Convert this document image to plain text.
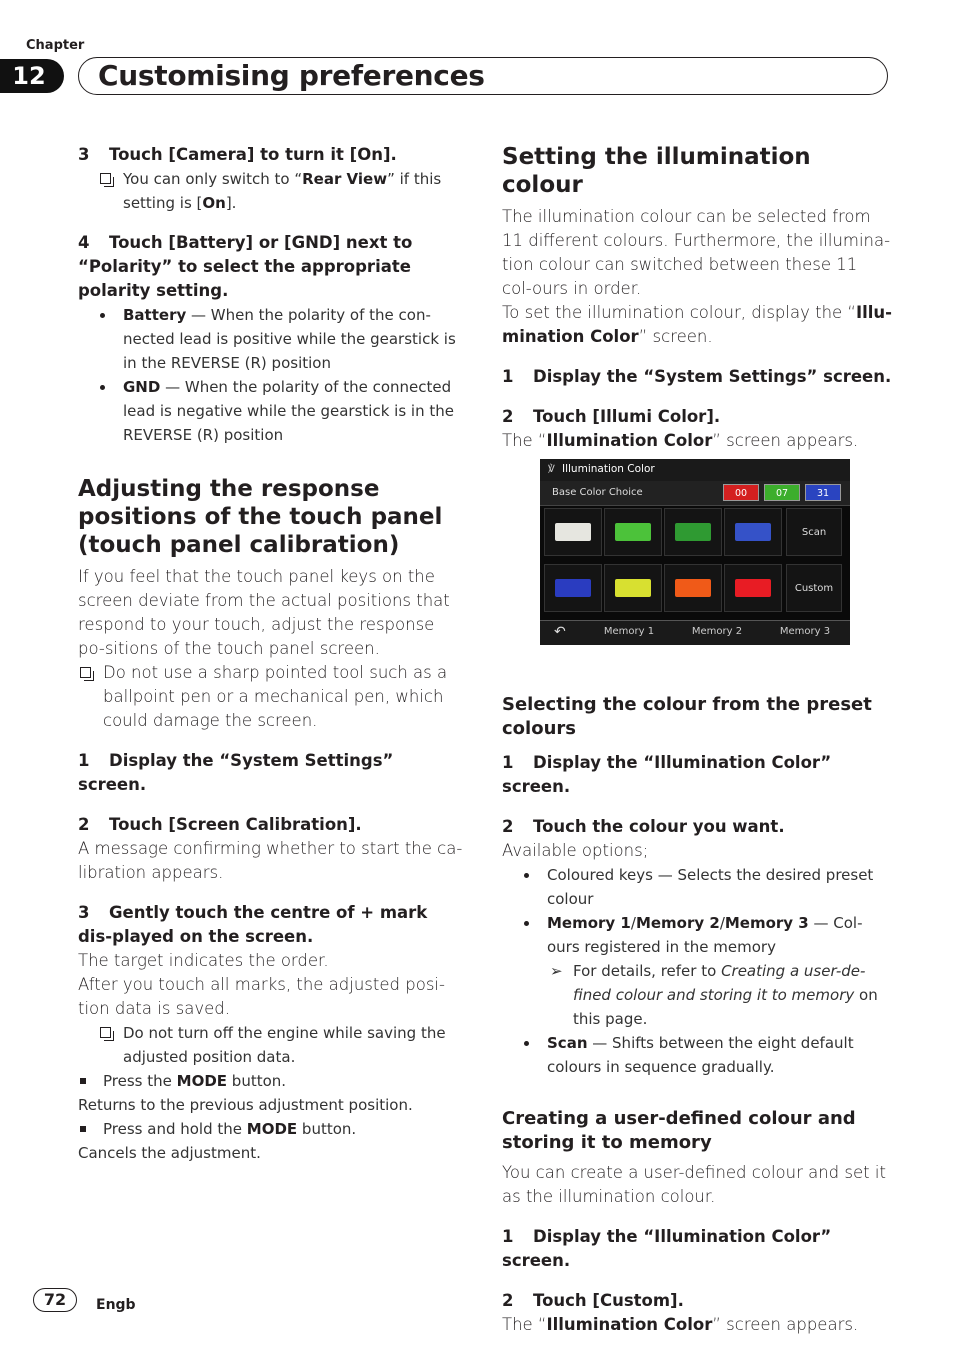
Chapter
12	Customising preferences

3 Touch [Camera] to turn it [On].

You can only switch to “Rear View” if this setting is [On].

4 Touch [Battery] or [GND] next to “Polarity” to select the appropriate polarity setting.

Battery — When the polarity of the con-nected lead is positive while the gearstick is in the REVERSE (R) position

GND — When the polarity of the connected lead is negative while the gearstick is in the REVERSE (R) position

Adjusting the response positions of the touch panel (touch panel calibration)

If you feel that the touch panel keys on the screen deviate from the actual positions that respond to your touch, adjust the response po-sitions of the touch panel screen.

Do not use a sharp pointed tool such as a ballpoint pen or a mechanical pen, which could damage the screen.

1 Display the “System Settings” screen.

2 Touch [Screen Calibration].

A message confirming whether to start the ca-libration appears.

3 Gently touch the centre of + mark dis-played on the screen.

The target indicates the order.

After you touch all marks, the adjusted posi-tion data is saved.

Do not turn off the engine while saving the adjusted position data.

Press the MODE button.

Returns to the previous adjustment position.

Press and hold the MODE button.

Cancels the adjustment.

Setting the illumination colour

The illumination colour can be selected from 11 different colours. Furthermore, the illumina-tion colour can switched between these 11 col-ours in order.

To set the illumination colour, display the “Illu-mination Color” screen.

1 Display the “System Settings” screen.

2 Touch [Illumi Color].

The “Illumination Color” screen appears.

℣ Illumination Color
Base Color Choice	00	07	31
Scan
Custom
↶	Memory 1	Memory 2	Memory 3
Selecting the colour from the preset colours

1 Display the “Illumination Color” screen.

2 Touch the colour you want.

Available options;

Coloured keys — Selects the desired preset colour

Memory 1/Memory 2/Memory 3 — Col-ours registered in the memory

➢ For details, refer to Creating a user-de-fined colour and storing it to memory on this page.

Scan — Shifts between the eight default colours in sequence gradually.

Creating a user-defined colour and storing it to memory

You can create a user-defined colour and set it as the illumination colour.

1 Display the “Illumination Color” screen.

2 Touch [Custom].

The “Illumination Color” screen appears.

72	Engb
